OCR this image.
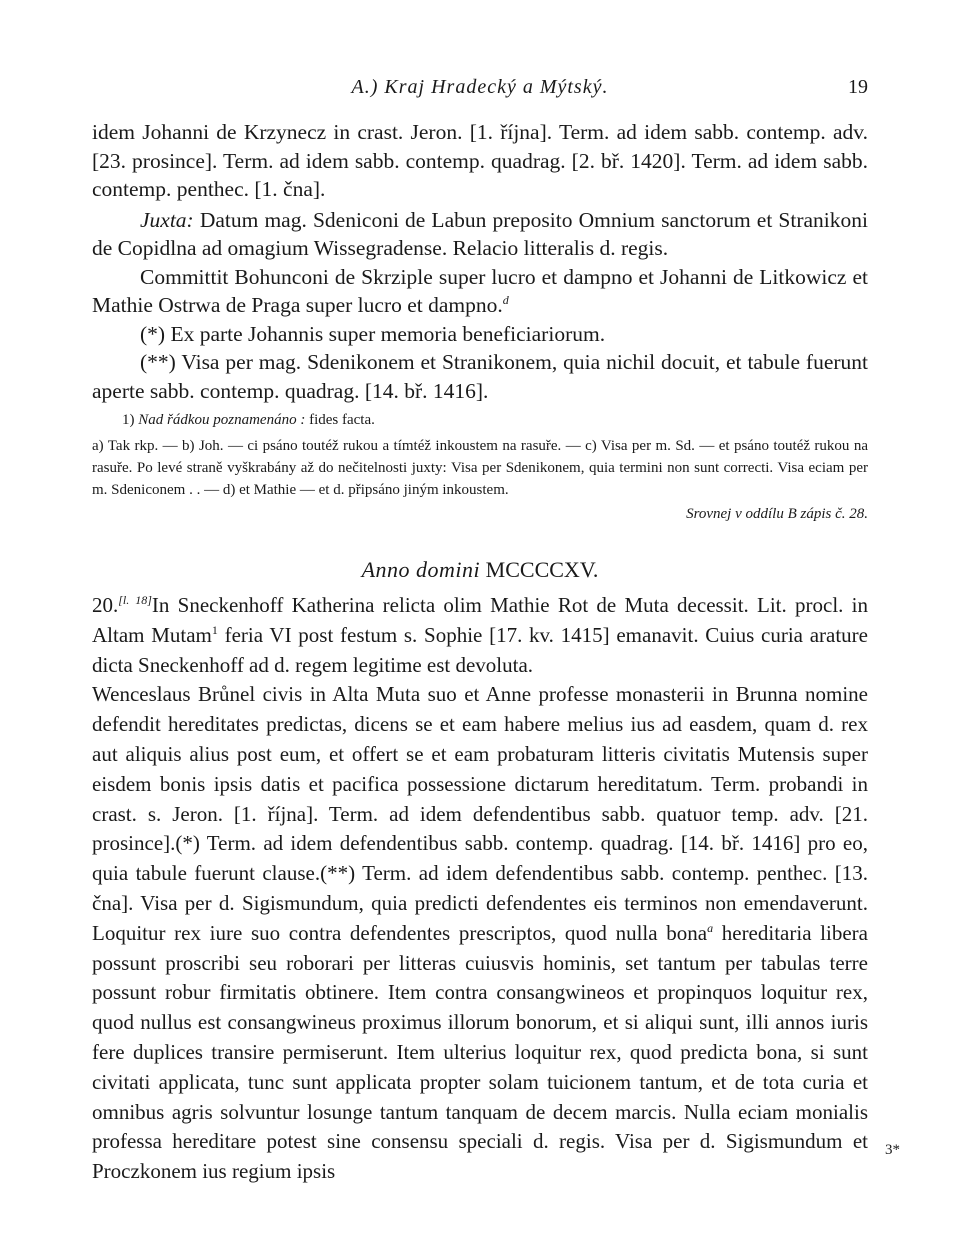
A.) Kraj Hradecký a Mýtský.	19

idem Johanni de Krzynecz in crast. Jeron. [1. října]. Term. ad idem sabb. contemp. adv. [23. prosince]. Term. ad idem sabb. contemp. quadrag. [2. bř. 1420]. Term. ad idem sabb. contemp. penthec. [1. čna].

Juxta: Datum mag. Sdeniconi de Labun preposito Omnium sanctorum et Stranikoni de Copidlna ad omagium Wissegradense. Relacio litteralis d. regis.

Committit Bohunconi de Skrziple super lucro et dampno et Johanni de Litkowicz et Mathie Ostrwa de Praga super lucro et dampno.$^d$

(*) Ex parte Johannis super memoria beneficiariorum.

(**) Visa per mag. Sdenikonem et Stranikonem, quia nichil docuit, et tabule fuerunt aperte sabb. contemp. quadrag. [14. bř. 1416].

1) Nad řádkou poznamenáno : fides facta.

a) Tak rkp. — b) Joh. — ci psáno toutéž rukou a tímtéž inkoustem na rasuře. — c) Visa per m. Sd. — et psáno toutéž rukou na rasuře. Po levé straně vyškrabány až do nečitelnosti juxty: Visa per Sdenikonem, quia termini non sunt correcti. Visa eciam per m. Sdeniconem . . — d) et Mathie — et d. připsáno jiným inkoustem.

Srovnej v oddílu B zápis č. 28.

Anno domini MCCCCXV.

20.[l. 18]In Sneckenhoff Katherina relicta olim Mathie Rot de Muta decessit. Lit. procl. in Altam Mutam$^1$ feria VI post festum s. Sophie [17. kv. 1415] emanavit. Cuius curia arature dicta Sneckenhoff ad d. regem legitime est devoluta.

Wenceslaus Brůnel civis in Alta Muta suo et Anne professe monasterii in Brunna nomine defendit hereditates predictas, dicens se et eam habere melius ius ad easdem, quam d. rex aut aliquis alius post eum, et offert se et eam probaturam litteris civitatis Mutensis super eisdem bonis ipsis datis et pacifica possessione dictarum hereditatum. Term. probandi in crast. s. Jeron. [1. října]. Term. ad idem defendentibus sabb. quatuor temp. adv. [21. prosince].(*) Term. ad idem defendentibus sabb. contemp. quadrag. [14. bř. 1416] pro eo, quia tabule fuerunt clause.(**) Term. ad idem defendentibus sabb. contemp. penthec. [13. čna]. Visa per d. Sigismundum, quia predicti defendentes eis terminos non emendaverunt. Loquitur rex iure suo contra defendentes prescriptos, quod nulla bona$^a$ hereditaria libera possunt proscribi seu roborari per litteras cuiusvis hominis, set tantum per tabulas terre possunt robur firmitatis obtinere. Item contra consangwineos et propinquos loquitur rex, quod nullus est consangwineus proximus illorum bonorum, et si aliqui sunt, illi annos iuris fere duplices transire permiserunt. Item ulterius loquitur rex, quod predicta bona, si sunt civitati applicata, tunc sunt applicata propter solam tuicionem tantum, et de tota curia et omnibus agris solvuntur losunge tantum tanquam de decem marcis. Nulla eciam monialis professa hereditare potest sine consensu speciali d. regis. Visa per d. Sigismundum et Proczkonem ius regium ipsis

3*
